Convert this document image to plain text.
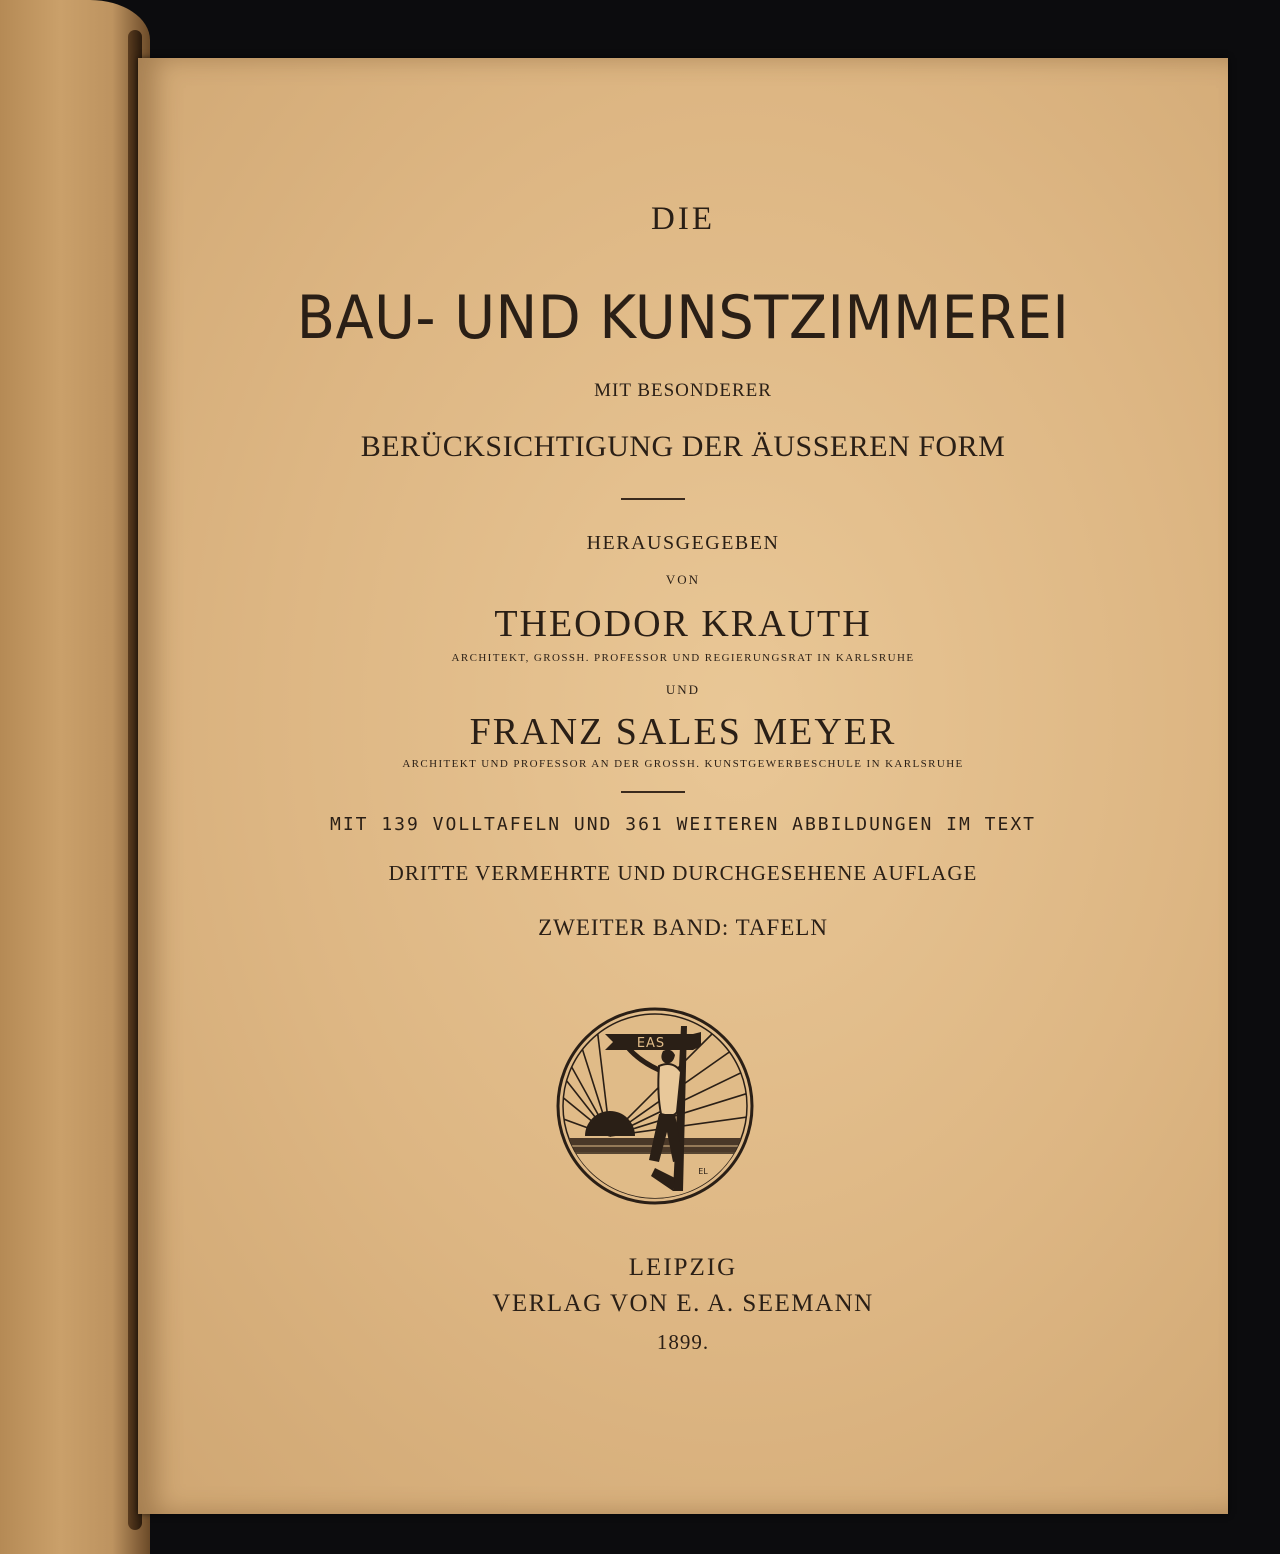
DIE

BAU- UND KUNSTZIMMEREI

MIT BESONDERER

BERÜCKSICHTIGUNG DER ÄUSSEREN FORM

HERAUSGEGEBEN

VON

THEODOR KRAUTH

ARCHITEKT, GROSSH. PROFESSOR UND REGIERUNGSRAT IN KARLSRUHE

UND

FRANZ SALES MEYER

ARCHITEKT UND PROFESSOR AN DER GROSSH. KUNSTGEWERBESCHULE IN KARLSRUHE

MIT 139 VOLLTAFELN UND 361 WEITEREN ABBILDUNGEN IM TEXT

DRITTE VERMEHRTE UND DURCHGESEHENE AUFLAGE

ZWEITER BAND: TAFELN

EAS
EL

LEIPZIG

VERLAG VON E. A. SEEMANN

1899.
